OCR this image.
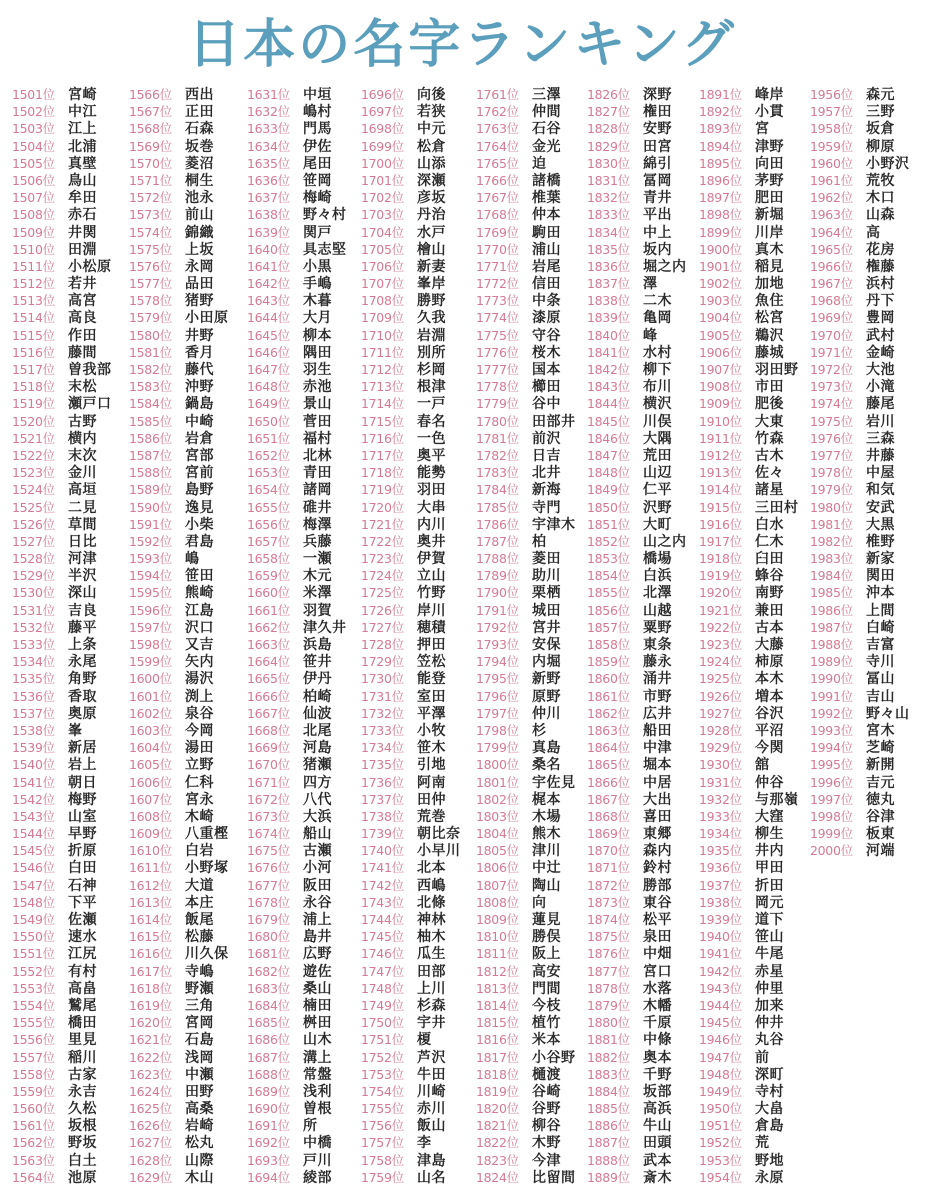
日本の名字ランキング
1501位 宮崎
1502位 中江
1503位 江上
1504位 北浦
1505位 真壁
1506位 鳥山
1507位 牟田
1508位 赤石
1509位 井関
1510位 田淵
1511位 小松原
1512位 若井
1513位 高宮
1514位 高良
1515位 作田
1516位 藤間
1517位 曽我部
1518位 末松
1519位 瀬戸口
1520位 古野
1521位 横内
1522位 末次
1523位 金川
1524位 高垣
1525位 二見
1526位 草間
1527位 日比
1528位 河津
1529位 半沢
1530位 深山
1531位 吉良
1532位 藤平
1533位 上条
1534位 永尾
1535位 角野
1536位 香取
1537位 奥原
1538位 峯
1539位 新居
1540位 岩上
1541位 朝日
1542位 梅野
1543位 山室
1544位 早野
1545位 折原
1546位 白田
1547位 石神
1548位 下平
1549位 佐瀬
1550位 速水
1551位 江尻
1552位 有村
1553位 高畠
1554位 鷲尾
1555位 橋田
1556位 里見
1557位 稲川
1558位 古家
1559位 永吉
1560位 久松
1561位 坂根
1562位 野坂
1563位 白土
1564位 池原
1566位 西出
1567位 正田
1568位 石森
1569位 坂巻
1570位 菱沼
1571位 桐生
1572位 池永
1573位 前山
1574位 錦織
1575位 上坂
1576位 永岡
1577位 品田
1578位 猪野
1579位 小田原
1580位 井野
1581位 香月
1582位 藤代
1583位 沖野
1584位 鍋島
1585位 中崎
1586位 岩倉
1587位 宮部
1588位 宮前
1589位 島野
1590位 逸見
1591位 小柴
1592位 君島
1593位 嶋
1594位 笹田
1595位 熊崎
1596位 江島
1597位 沢口
1598位 又吉
1599位 矢内
1600位 湯沢
1601位 渕上
1602位 泉谷
1603位 今岡
1604位 湯田
1605位 立野
1606位 仁科
1607位 宮永
1608位 木崎
1609位 八重樫
1610位 白岩
1611位 小野塚
1612位 大道
1613位 本庄
1614位 飯尾
1615位 松藤
1616位 川久保
1617位 寺嶋
1618位 野瀬
1619位 三角
1620位 宮岡
1621位 石島
1622位 浅岡
1623位 中瀬
1624位 田野
1625位 高桑
1626位 岩崎
1627位 松丸
1628位 山際
1629位 木山
1631位 中垣
1632位 嶋村
1633位 門馬
1634位 伊佐
1635位 尾田
1636位 笹岡
1637位 梅崎
1638位 野々村
1639位 関戸
1640位 具志堅
1641位 小黒
1642位 手嶋
1643位 木暮
1644位 大月
1645位 柳本
1646位 隅田
1647位 羽生
1648位 赤池
1649位 景山
1650位 菅田
1651位 福村
1652位 北林
1653位 青田
1654位 諸岡
1655位 碓井
1656位 梅澤
1657位 兵藤
1658位 一瀬
1659位 木元
1660位 米澤
1661位 羽賀
1662位 津久井
1663位 浜島
1664位 笹井
1665位 伊丹
1666位 柏崎
1667位 仙波
1668位 北尾
1669位 河島
1670位 猪瀬
1671位 四方
1672位 八代
1673位 大浜
1674位 船山
1675位 古瀬
1676位 小河
1677位 阪田
1678位 永谷
1679位 浦上
1680位 島井
1681位 広野
1682位 遊佐
1683位 桑山
1684位 楠田
1685位 桝田
1686位 山木
1687位 溝上
1688位 常盤
1689位 浅利
1690位 曽根
1691位 所
1692位 中橋
1693位 戸川
1694位 綾部
1696位 向後
1697位 若狭
1698位 中元
1699位 松倉
1700位 山添
1701位 深瀬
1702位 彦坂
1703位 丹治
1704位 水戸
1705位 檜山
1706位 新妻
1707位 峯岸
1708位 勝野
1709位 久我
1710位 岩淵
1711位 別所
1712位 杉岡
1713位 根津
1714位 一戸
1715位 春名
1716位 一色
1717位 奥平
1718位 能勢
1719位 羽田
1720位 大串
1721位 内川
1722位 奥井
1723位 伊賀
1724位 立山
1725位 竹野
1726位 岸川
1727位 穂積
1728位 押田
1729位 笠松
1730位 能登
1731位 室田
1732位 平澤
1733位 小牧
1734位 笹木
1735位 引地
1736位 阿南
1737位 田仲
1738位 荒巻
1739位 朝比奈
1740位 小早川
1741位 北本
1742位 西嶋
1743位 北條
1744位 神林
1745位 柚木
1746位 瓜生
1747位 田部
1748位 上川
1749位 杉森
1750位 宇井
1751位 榎
1752位 芦沢
1753位 牛田
1754位 川崎
1755位 赤川
1756位 飯山
1757位 李
1758位 津島
1759位 山名
1761位 三澤
1762位 仲間
1763位 石谷
1764位 金光
1765位 迫
1766位 諸橋
1767位 椎葉
1768位 仲本
1769位 駒田
1770位 浦山
1771位 岩尾
1772位 信田
1773位 中条
1774位 漆原
1775位 守谷
1776位 桜木
1777位 国本
1778位 櫛田
1779位 谷中
1780位 田部井
1781位 前沢
1782位 日吉
1783位 北井
1784位 新海
1785位 寺門
1786位 宇津木
1787位 柏
1788位 菱田
1789位 助川
1790位 栗栖
1791位 城田
1792位 宮井
1793位 安保
1794位 内堀
1795位 新野
1796位 原野
1797位 仲川
1798位 杉
1799位 真島
1800位 桑名
1801位 宇佐見
1802位 梶本
1803位 木場
1804位 熊木
1805位 津川
1806位 中辻
1807位 陶山
1808位 向
1809位 蓮見
1810位 勝俣
1811位 阪上
1812位 高安
1813位 門間
1814位 今枝
1815位 植竹
1816位 米本
1817位 小谷野
1818位 樋渡
1819位 谷崎
1820位 谷野
1821位 柳谷
1822位 木野
1823位 今津
1824位 比留間
1826位 深野
1827位 権田
1828位 安野
1829位 田宮
1830位 綿引
1831位 冨岡
1832位 青井
1833位 平出
1834位 中上
1835位 坂内
1836位 堀之内
1837位 澤
1838位 二木
1839位 亀岡
1840位 峰
1841位 水村
1842位 柳下
1843位 布川
1844位 横沢
1845位 川俣
1846位 大隅
1847位 荒田
1848位 山辺
1849位 仁平
1850位 沢野
1851位 大町
1852位 山之内
1853位 橋場
1854位 白浜
1855位 北澤
1856位 山越
1857位 粟野
1858位 東条
1859位 藤永
1860位 涌井
1861位 市野
1862位 広井
1863位 船田
1864位 中津
1865位 堀本
1866位 中居
1867位 大出
1868位 喜田
1869位 東郷
1870位 森内
1871位 鈴村
1872位 勝部
1873位 東谷
1874位 松平
1875位 泉田
1876位 中畑
1877位 宮口
1878位 水落
1879位 木幡
1880位 千原
1881位 中條
1882位 奥本
1883位 千野
1884位 坂部
1885位 高浜
1886位 牛山
1887位 田頭
1888位 武本
1889位 斎木
1891位 峰岸
1892位 小貫
1893位 宮
1894位 津野
1895位 向田
1896位 茅野
1897位 肥田
1898位 新堀
1899位 川岸
1900位 真木
1901位 稲見
1902位 加地
1903位 魚住
1904位 松宮
1905位 鵜沢
1906位 藤城
1907位 羽田野
1908位 市田
1909位 肥後
1910位 大東
1911位 竹森
1912位 古木
1913位 佐々
1914位 諸星
1915位 三田村
1916位 白水
1917位 仁木
1918位 臼田
1919位 蜂谷
1920位 南野
1921位 兼田
1922位 古本
1923位 大藤
1924位 柿原
1925位 本木
1926位 増本
1927位 谷沢
1928位 平沼
1929位 今関
1930位 舘
1931位 仲谷
1932位 与那嶺
1933位 大窪
1934位 柳生
1935位 井内
1936位 甲田
1937位 折田
1938位 岡元
1939位 道下
1940位 笹山
1941位 牛尾
1942位 赤星
1943位 仲里
1944位 加来
1945位 仲井
1946位 丸谷
1947位 前
1948位 深町
1949位 寺村
1950位 大畠
1951位 倉島
1952位 荒
1953位 野地
1954位 永原
1956位 森元
1957位 三野
1958位 坂倉
1959位 柳原
1960位 小野沢
1961位 荒牧
1962位 木口
1963位 山森
1964位 高
1965位 花房
1966位 権藤
1967位 浜村
1968位 丹下
1969位 豊岡
1970位 武村
1971位 金崎
1972位 大池
1973位 小滝
1974位 藤尾
1975位 岩川
1976位 三森
1977位 井藤
1978位 中屋
1979位 和気
1980位 安武
1981位 大黒
1982位 椎野
1983位 新家
1984位 関田
1985位 沖本
1986位 上間
1987位 白崎
1988位 吉富
1989位 寺川
1990位 冨山
1991位 吉山
1992位 野々山
1993位 宮木
1994位 芝崎
1995位 新開
1996位 吉元
1997位 徳丸
1998位 谷津
1999位 板東
2000位 河端
